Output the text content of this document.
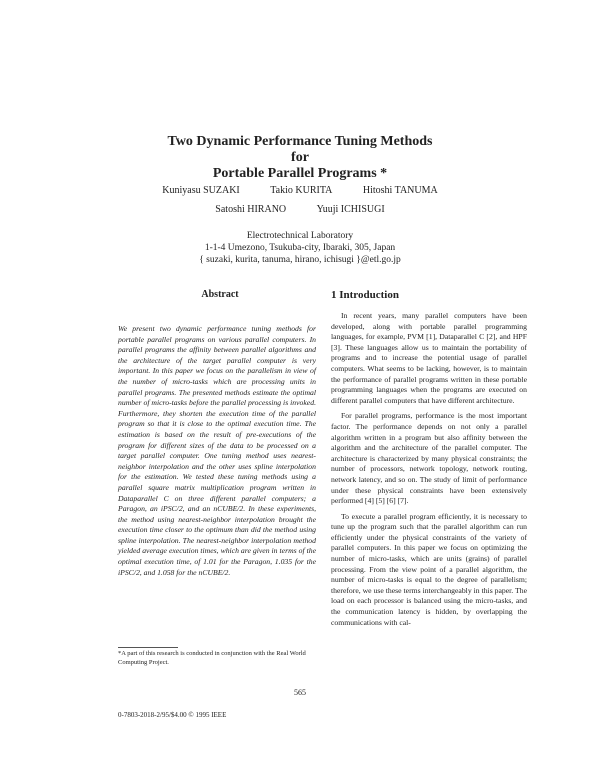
Two Dynamic Performance Tuning Methods
for
Portable Parallel Programs *
Kuniyasu SUZAKI	Takio KURITA	Hitoshi TANUMA
Satoshi HIRANO	Yuuji ICHISUGI
Electrotechnical Laboratory
1-1-4 Umezono, Tsukuba-city, Ibaraki, 305, Japan
{ suzaki, kurita, tanuma, hirano, ichisugi }@etl.go.jp
Abstract	1 Introduction
We present two dynamic performance tuning methods for portable parallel programs on various parallel computers. In parallel programs the affinity between parallel algorithms and the architecture of the target parallel computer is very important. In this paper we focus on the parallelism in view of the number of micro-tasks which are processing units in parallel programs. The presented methods estimate the optimal number of micro-tasks before the parallel processing is invoked. Furthermore, they shorten the execution time of the parallel program so that it is close to the optimal execution time. The estimation is based on the result of pre-executions of the program for different sizes of the data to be processed on a target parallel computer. One tuning method uses nearest-neighbor interpolation and the other uses spline interpolation for the estimation. We tested these tuning methods using a parallel square matrix multiplication program written in Dataparallel C on three different parallel computers; a Paragon, an iPSC/2, and an nCUBE/2. In these experiments, the method using nearest-neighbor interpolation brought the execution time closer to the optimum than did the method using spline interpolation. The nearest-neighbor interpolation method yielded average execution times, which are given in terms of the optimal execution time, of 1.01 for the Paragon, 1.035 for the iPSC/2, and 1.058 for the nCUBE/2.

In recent years, many parallel computers have been developed, along with portable parallel programming languages, for example, PVM [1], Dataparallel C [2], and HPF [3]. These languages allow us to maintain the portability of programs and to increase the potential usage of parallel computers. What seems to be lacking, however, is to maintain the performance of parallel programs written in these portable programming languages when the programs are executed on different parallel computers that have different architecture.

For parallel programs, performance is the most important factor. The performance depends on not only a parallel algorithm written in a program but also affinity between the algorithm and the architecture of the parallel computer. The architecture is characterized by many physical constraints; the number of processors, network topology, network routing, network latency, and so on. The study of limit of performance under these physical constraints have been extensively performed [4] [5] [6] [7].

To execute a parallel program efficiently, it is necessary to tune up the program such that the parallel algorithm can run efficiently under the physical constraints of the variety of parallel computers. In this paper we focus on optimizing the number of micro-tasks, which are units (grains) of parallel processing. From the view point of a parallel algorithm, the number of micro-tasks is equal to the degree of parallelism; therefore, we use these terms interchangeably in this paper. The load on each processor is balanced using the micro-tasks, and the communication latency is hidden, by overlapping the communications with cal-

*A part of this research is conducted in conjunction with the Real World Computing Project.
565
0-7803-2018-2/95/$4.00 © 1995 IEEE
